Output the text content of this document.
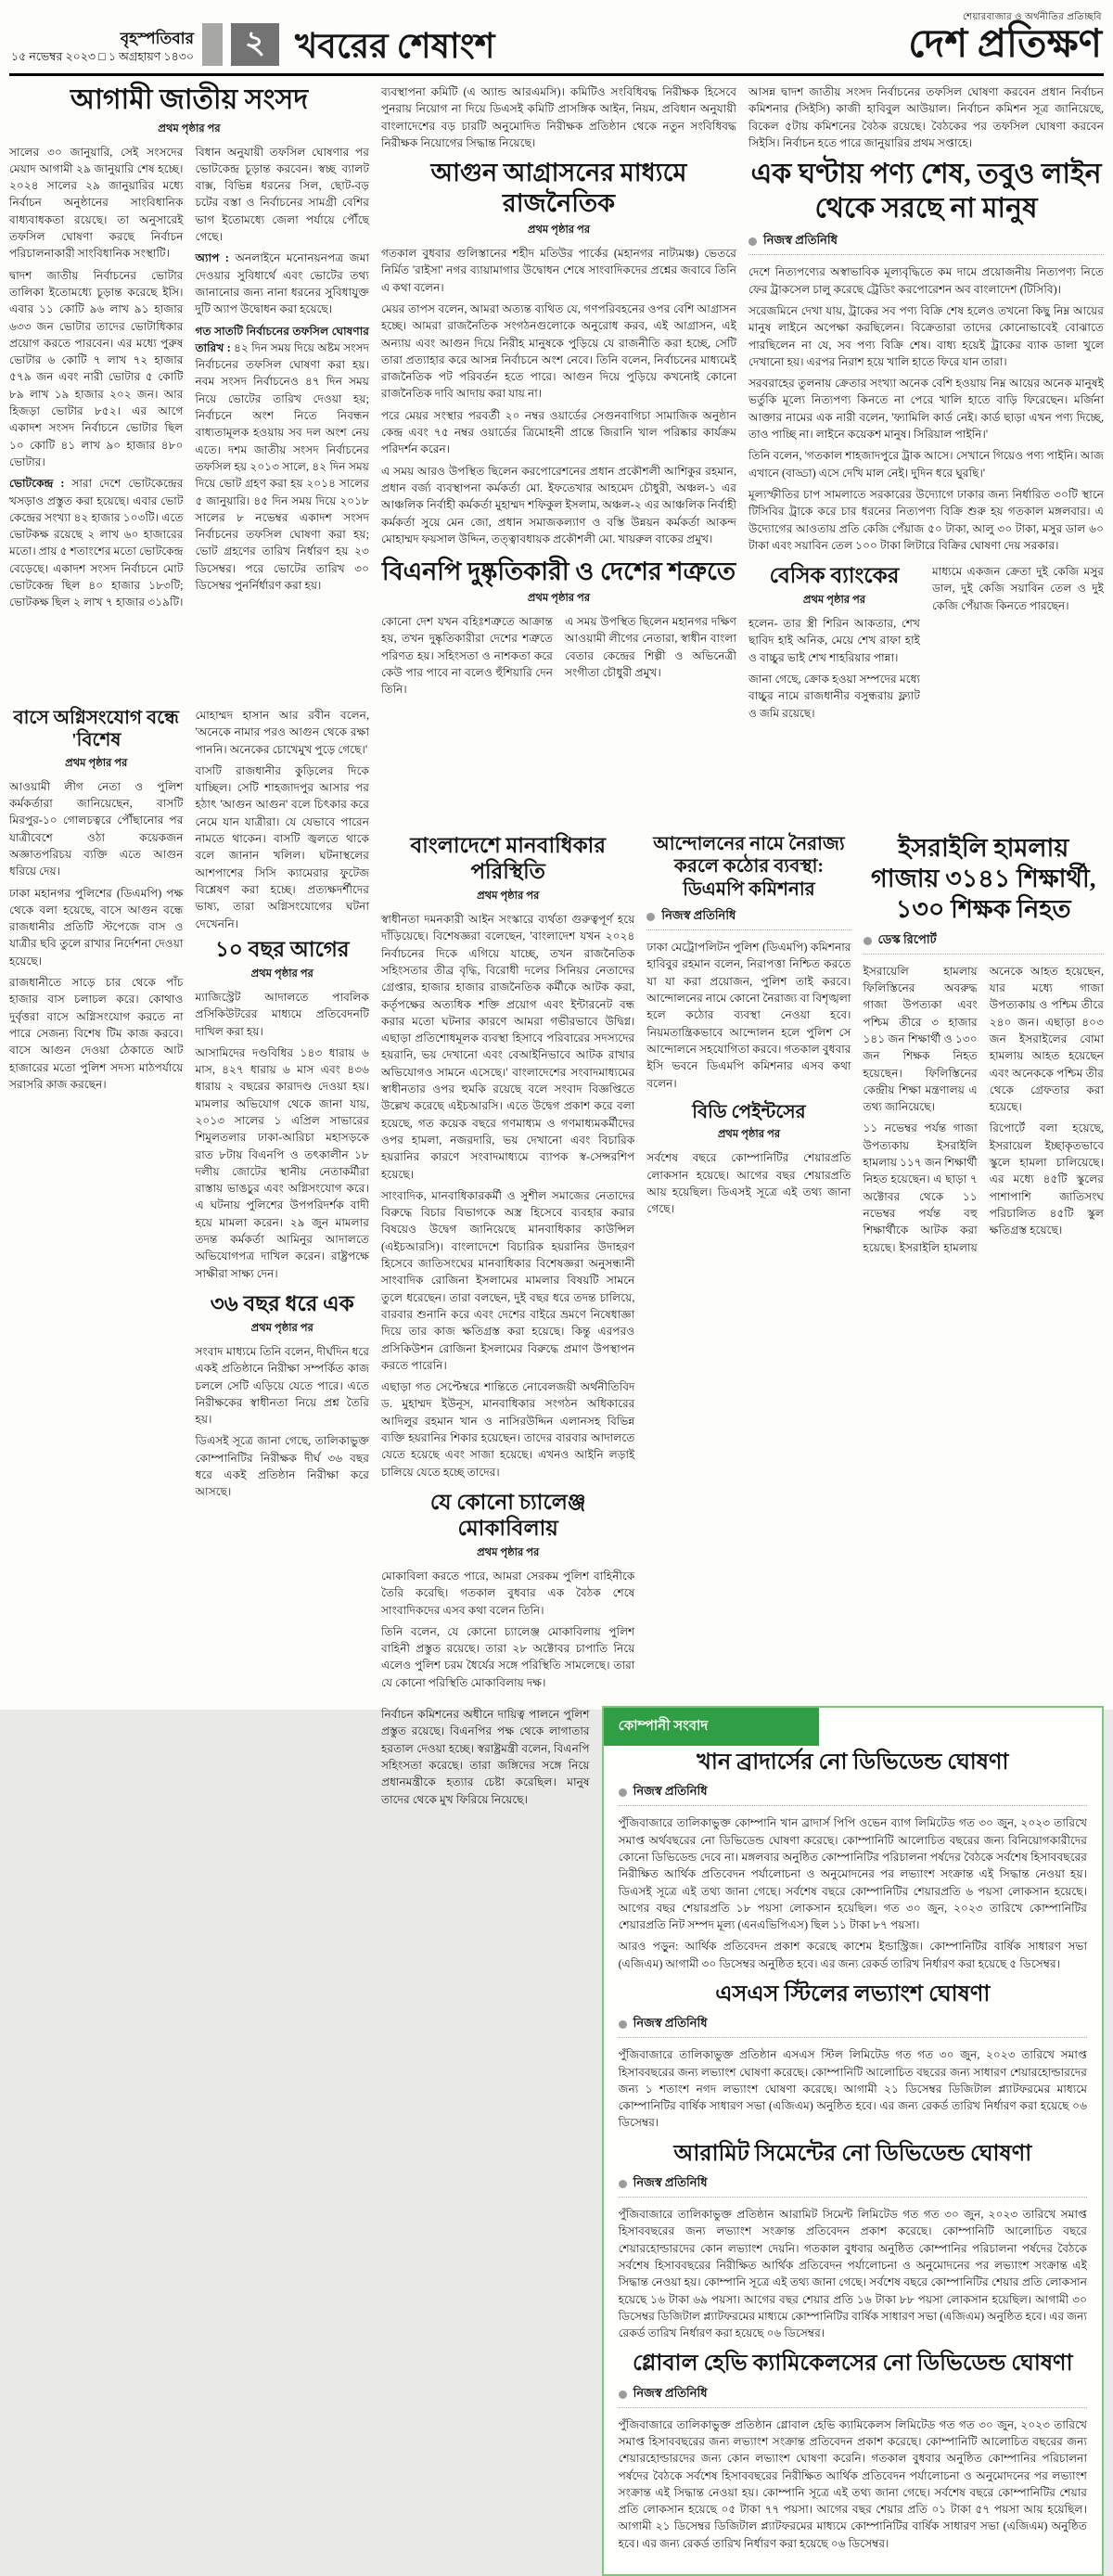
বৃহস্পতিবার
১৫ নভেম্বর ২০২৩ □ ১ অগ্রহায়ণ ১৪৩০	২ খবরের শেষাংশ
শেয়ারবাজার ও অর্থনীতির প্রতিচ্ছবি
দেশ প্রতিক্ষণ
আগামী জাতীয় সংসদ
প্রথম পৃষ্ঠার পর

সালের ৩০ জানুয়ারি, সেই সংসদের মেয়াদ আগামী ২৯ জানুয়ারি শেষ হচ্ছে। ২০২৪ সালের ২৯ জানুয়ারির মধ্যে নির্বাচন অনুষ্ঠানের সাংবিধানিক বাধ্যবাধকতা রয়েছে। তা অনুসারেই তফসিল ঘোষণা করছে নির্বাচন পরিচালনাকারী সাংবিধানিক সংস্থাটি।

দ্বাদশ জাতীয় নির্বাচনের ভোটার তালিকা ইতোমধ্যে চূড়ান্ত করেছে ইসি। এবার ১১ কোটি ৯৬ লাখ ৯১ হাজার ৬৩৩ জন ভোটার তাদের ভোটাধিকার প্রয়োগ করতে পারবেন। এর মধ্যে পুরুষ ভোটার ৬ কোটি ৭ লাখ ৭২ হাজার ৫৭৯ জন এবং নারী ভোটার ৫ কোটি ৮৯ লাখ ১৯ হাজার ২০২ জন। আর হিজড়া ভোটার ৮৫২। এর আগে একাদশ সংসদ নির্বাচনে ভোটার ছিল ১০ কোটি ৪১ লাখ ৯০ হাজার ৪৮০ ভোটার।

ভোটকেন্দ্র : সারা দেশে ভোটকেন্দ্রের খসড়াও প্রস্তুত করা হয়েছে। এবার ভোট কেন্দ্রের সংখ্যা ৪২ হাজার ১০৩টি। এতে ভোটকক্ষ রয়েছে ২ লাখ ৬০ হাজারের মতো। প্রায় ৫ শতাংশের মতো ভোটকেন্দ্র বেড়েছে। একাদশ সংসদ নির্বাচনে মোট ভোটকেন্দ্র ছিল ৪০ হাজার ১৮৩টি; ভোটকক্ষ ছিল ২ লাখ ৭ হাজার ৩১৯টি। বিধান অনুযায়ী তফসিল ঘোষণার পর ভোটকেন্দ্র চূড়ান্ত করবেন। স্বচ্ছ ব্যালট বাক্স, বিভিন্ন ধরনের সিল, ছোট-বড় চটের বস্তা ও নির্বাচনের সামগ্রী বেশির ভাগ ইতোমধ্যে জেলা পর্যায়ে পৌঁছে গেছে।

অ্যাপ : অনলাইনে মনোনয়নপত্র জমা দেওয়ার সুবিধার্থে এবং ভোটের তথ্য জানানোর জন্য নানা ধরনের সুবিধাযুক্ত দুটি অ্যাপ উদ্বোধন করা হয়েছে।

গত সাতটি নির্বাচনের তফসিল ঘোষণার তারিখ : ৪২ দিন সময় দিয়ে অষ্টম সংসদ নির্বাচনের তফসিল ঘোষণা করা হয়। নবম সংসদ নির্বাচনেও ৪৭ দিন সময় নিয়ে ভোটের তারিখ দেওয়া হয়; নির্বাচনে অংশ নিতে নিবন্ধন বাধ্যতামূলক হওয়ায় সব দল অংশ নেয় এতে। দশম জাতীয় সংসদ নির্বাচনের তফসিল হয় ২০১৩ সালে, ৪২ দিন সময় দিয়ে ভোট গ্রহণ করা হয় ২০১৪ সালের ৫ জানুয়ারি। ৪৫ দিন সময় দিয়ে ২০১৮ সালের ৮ নভেম্বর একাদশ সংসদ নির্বাচনের তফসিল ঘোষণা করা হয়; ভোট গ্রহণের তারিখ নির্ধারণ হয় ২৩ ডিসেম্বর। পরে ভোটের তারিখ ৩০ ডিসেম্বর পুনর্নির্ধারণ করা হয়।

বাসে অগ্নিসংযোগ বন্ধে 'বিশেষ
প্রথম পৃষ্ঠার পর

আওয়ামী লীগ নেতা ও পুলিশ কর্মকর্তারা জানিয়েছেন, বাসটি মিরপুর-১০ গোলচত্বরে পৌঁছানোর পর যাত্রীবেশে ওঠা কয়েকজন অজ্ঞাতপরিচয় ব্যক্তি এতে আগুন ধরিয়ে দেয়।

ঢাকা মহানগর পুলিশের (ডিএমপি) পক্ষ থেকে বলা হয়েছে, বাসে আগুন বন্ধে রাজধানীর প্রতিটি স্টপেজে বাস ও যাত্রীর ছবি তুলে রাখার নির্দেশনা দেওয়া হয়েছে।

রাজধানীতে সাড়ে চার থেকে পাঁচ হাজার বাস চলাচল করে। কোথাও দুর্বৃত্তরা বাসে অগ্নিসংযোগ করতে না পারে সেজন্য বিশেষ টিম কাজ করবে। বাসে আগুন দেওয়া ঠেকাতে আট হাজারের মতো পুলিশ সদস্য মাঠপর্যায়ে সরাসরি কাজ করছেন।

মোহাম্মদ হাসান আর রবীন বলেন, 'অনেকে নামার পরও আগুন থেকে রক্ষা পাননি। অনেকের চোখেমুখ পুড়ে গেছে।'

বাসটি রাজধানীর কুড়িলের দিকে যাচ্ছিল। সেটি শাহজাদপুর আসার পর হঠাৎ 'আগুন আগুন' বলে চিৎকার করে নেমে যান যাত্রীরা। যে যেভাবে পারেন নামতে থাকেন। বাসটি জ্বলতে থাকে বলে জানান খলিল। ঘটনাস্থলের আশপাশের সিসি ক্যামেরার ফুটেজ বিশ্লেষণ করা হচ্ছে। প্রত্যক্ষদর্শীদের ভাষ্য, তারা অগ্নিসংযোগের ঘটনা দেখেননি।

১০ বছর আগের
প্রথম পৃষ্ঠার পর

ম্যাজিস্ট্রেট আদালতে পাবলিক প্রসিকিউটরের মাধ্যমে প্রতিবেদনটি দাখিল করা হয়।

আসামিদের দণ্ডবিধির ১৪৩ ধারায় ৬ মাস, ৪২৭ ধারায় ৬ মাস এবং ৪৩৬ ধারায় ২ বছরের কারাদণ্ড দেওয়া হয়। মামলার অভিযোগ থেকে জানা যায়, ২০১৩ সালের ১ এপ্রিল সাভারের শিমুলতলার ঢাকা-আরিচা মহাসড়কে রাত ৮টায় বিএনপি ও তৎকালীন ১৮ দলীয় জোটের স্থানীয় নেতাকর্মীরা রাস্তায় ভাঙচুর এবং অগ্নিসংযোগ করে। এ ঘটনায় পুলিশের উপপরিদর্শক বাদী হয়ে মামলা করেন। ২৯ জুন মামলার তদন্ত কর্মকর্তা আমিনুর আদালতে অভিযোগপত্র দাখিল করেন। রাষ্ট্রপক্ষে সাক্ষীরা সাক্ষ্য দেন।

৩৬ বছর ধরে এক
প্রথম পৃষ্ঠার পর

সংবাদ মাধ্যমে তিনি বলেন, দীর্ঘদিন ধরে একই প্রতিষ্ঠানে নিরীক্ষা সম্পর্কিত কাজ চললে সেটি এড়িয়ে যেতে পারে। এতে নিরীক্ষকের স্বাধীনতা নিয়ে প্রশ্ন তৈরি হয়।

ডিএসই সূত্রে জানা গেছে, তালিকাভুক্ত কোম্পানিটির নিরীক্ষক দীর্ঘ ৩৬ বছর ধরে একই প্রতিষ্ঠান নিরীক্ষা করে আসছে।

ব্যবস্থাপনা কমিটি (এ অ্যান্ড আরএমসি)। কমিটিও সংবিধিবদ্ধ নিরীক্ষক হিসেবে পুনরায় নিয়োগ না দিয়ে ডিএসই কমিটি প্রাসঙ্গিক আইন, নিয়ম, প্রবিধান অনুযায়ী বাংলাদেশের বড় চারটি অনুমোদিত নিরীক্ষক প্রতিষ্ঠান থেকে নতুন সংবিধিবদ্ধ নিরীক্ষক নিয়োগের সিদ্ধান্ত নিয়েছে।

আগুন আগ্রাসনের মাধ্যমে রাজনৈতিক
প্রথম পৃষ্ঠার পর

গতকাল বুধবার গুলিস্তানের শহীদ মতিউর পার্কের (মহানগর নাট্যমঞ্চ) ভেতরে নির্মিত 'রাইসা' নগর ব্যায়ামাগার উদ্বোধন শেষে সাংবাদিকদের প্রশ্নের জবাবে তিনি এ কথা বলেন।

মেয়র তাপস বলেন, আমরা অত্যন্ত ব্যথিত যে, গণপরিবহনের ওপর বেশি আগ্রাসন হচ্ছে। আমরা রাজনৈতিক সংগঠনগুলোকে অনুরোধ করব, এই আগ্রাসন, এই অন্যায় এবং আগুন দিয়ে নিরীহ মানুষকে পুড়িয়ে যে রাজনীতি করা হচ্ছে, সেটি তারা প্রত্যাহার করে আসন্ন নির্বাচনে অংশ নেবে। তিনি বলেন, নির্বাচনের মাধ্যমেই রাজনৈতিক পট পরিবর্তন হতে পারে। আগুন দিয়ে পুড়িয়ে কখনোই কোনো রাজনৈতিক দাবি আদায় করা যায় না।

পরে মেয়র সংস্থার পরবর্তী ২০ নম্বর ওয়ার্ডের সেগুনবাগিচা সামাজিক অনুষ্ঠান কেন্দ্র এবং ৭৫ নম্বর ওয়ার্ডের ত্রিমোহনী প্রান্তে জিরানি খাল পরিষ্কার কার্যক্রম পরিদর্শন করেন।

এ সময় আরও উপস্থিত ছিলেন করপোরেশনের প্রধান প্রকৌশলী আশিকুর রহমান, প্রধান বর্জ্য ব্যবস্থাপনা কর্মকর্তা মো. ইফতেখার আহমেদ চৌধুরী, অঞ্চল-১ এর আঞ্চলিক নির্বাহী কর্মকর্তা মুহাম্মদ শফিকুল ইসলাম, অঞ্চল-২ এর আঞ্চলিক নির্বাহী কর্মকর্তা সুয়ে মেন জো, প্রধান সমাজকল্যাণ ও বস্তি উন্নয়ন কর্মকর্তা আকন্দ মোহাম্মদ ফয়সাল উদ্দিন, তত্ত্বাবধায়ক প্রকৌশলী মো. খায়রুল বাকের প্রমুখ।

বিএনপি দুষ্কৃতিকারী ও দেশের শত্রুতে
প্রথম পৃষ্ঠার পর

কোনো দেশ যখন বহিঃশত্রুতে আক্রান্ত হয়, তখন দুষ্কৃতিকারীরা দেশের শত্রুতে পরিণত হয়। সহিংসতা ও নাশকতা করে কেউ পার পাবে না বলেও হুঁশিয়ারি দেন তিনি।

এ সময় উপস্থিত ছিলেন মহানগর দক্ষিণ আওয়ামী লীগের নেতারা, স্বাধীন বাংলা বেতার কেন্দ্রের শিল্পী ও অভিনেত্রী সংগীতা চৌধুরী প্রমুখ।

আসন্ন দ্বাদশ জাতীয় সংসদ নির্বাচনের তফসিল ঘোষণা করবেন প্রধান নির্বাচন কমিশনার (সিইসি) কাজী হাবিবুল আউয়াল। নির্বাচন কমিশন সূত্র জানিয়েছে, বিকেল ৫টায় কমিশনের বৈঠক রয়েছে। বৈঠকের পর তফসিল ঘোষণা করবেন সিইসি। নির্বাচন হতে পারে জানুয়ারির প্রথম সপ্তাহে।

এক ঘণ্টায় পণ্য শেষ, তবুও লাইন থেকে সরছে না মানুষ
নিজস্ব প্রতিনিধি

দেশে নিত্যপণ্যের অস্বাভাবিক মূল্যবৃদ্ধিতে কম দামে প্রয়োজনীয় নিত্যপণ্য নিতে ফের ট্রাকসেল চালু করেছে ট্রেডিং করপোরেশন অব বাংলাদেশ (টিসিবি)।

সরেজমিনে দেখা যায়, ট্রাকের সব পণ্য বিক্রি শেষ হলেও তখনো কিছু নিম্ন আয়ের মানুষ লাইনে অপেক্ষা করছিলেন। বিক্রেতারা তাদের কোনোভাবেই বোঝাতে পারছিলেন না যে, সব পণ্য বিক্রি শেষ। বাধ্য হয়েই ট্রাকের ব্যাক ডালা খুলে দেখানো হয়। এরপর নিরাশ হয়ে খালি হাতে ফিরে যান তারা।

সরবরাহের তুলনায় ক্রেতার সংখ্যা অনেক বেশি হওয়ায় নিম্ন আয়ের অনেক মানুষই ভর্তুকি মূল্যে নিত্যপণ্য কিনতে না পেরে খালি হাতে বাড়ি ফিরেছেন। মর্জিনা আক্তার নামের এক নারী বলেন, 'ফ্যামিলি কার্ড নেই। কার্ড ছাড়া এখন পণ্য দিচ্ছে, তাও পাচ্ছি না। লাইনে কয়েকশ মানুষ। সিরিয়াল পাইনি।'

তিনি বলেন, 'গতকাল শাহজাদপুরে ট্রাক আসে। সেখানে গিয়েও পণ্য পাইনি। আজ এখানে (বাড্ডা) এসে দেখি মাল নেই। দুদিন ধরে ঘুরছি।'

মূল্যস্ফীতির চাপ সামলাতে সরকারের উদ্যোগে ঢাকার জন্য নির্ধারিত ৩০টি স্থানে টিসিবির ট্রাকে করে চার ধরনের নিত্যপণ্য বিক্রি শুরু হয় গতকাল মঙ্গলবার। এ উদ্যোগের আওতায় প্রতি কেজি পেঁয়াজ ৫০ টাকা, আলু ৩০ টাকা, মসুর ডাল ৬০ টাকা এবং সয়াবিন তেল ১০০ টাকা লিটারে বিক্রির ঘোষণা দেয় সরকার।

বেসিক ব্যাংকের
প্রথম পৃষ্ঠার পর

হলেন- তার স্ত্রী শিরিন আকতার, শেখ ছাবিদ হাই অনিক, মেয়ে শেখ রাফা হাই ও বাচ্চুর ভাই শেখ শাহরিয়ার পান্না।

জানা গেছে, ক্রোক হওয়া সম্পদের মধ্যে বাচ্চুর নামে রাজধানীর বসুন্ধরায় ফ্ল্যাট ও জমি রয়েছে।

মাধ্যমে একজন ক্রেতা দুই কেজি মসুর ডাল, দুই কেজি সয়াবিন তেল ও দুই কেজি পেঁয়াজ কিনতে পারছেন।

বাংলাদেশে মানবাধিকার পরিস্থিতি
প্রথম পৃষ্ঠার পর

স্বাধীনতা দমনকারী আইন সংস্কারে ব্যর্থতা গুরুত্বপূর্ণ হয়ে দাঁড়িয়েছে। বিশেষজ্ঞরা বলেছেন, 'বাংলাদেশ যখন ২০২৪ নির্বাচনের দিকে এগিয়ে যাচ্ছে, তখন রাজনৈতিক সহিংসতার তীব্র বৃদ্ধি, বিরোধী দলের সিনিয়র নেতাদের গ্রেপ্তার, হাজার হাজার রাজনৈতিক কর্মীকে আটক করা, কর্তৃপক্ষের অত্যধিক শক্তি প্রয়োগ এবং ইন্টারনেট বন্ধ করার মতো ঘটনার কারণে আমরা গভীরভাবে উদ্বিগ্ন। এছাড়া প্রতিশোধমূলক ব্যবস্থা হিসাবে পরিবারের সদস্যদের হয়রানি, ভয় দেখানো এবং বেআইনিভাবে আটক রাখার অভিযোগও সামনে এসেছে।' বাংলাদেশের সংবাদমাধ্যমের স্বাধীনতার ওপর হুমকি রয়েছে বলে সংবাদ বিজ্ঞপ্তিতে উল্লেখ করেছে এইচআরসি। এতে উদ্বেগ প্রকাশ করে বলা হয়েছে, গত কয়েক বছরে গণমাধ্যম ও গণমাধ্যমকর্মীদের ওপর হামলা, নজরদারি, ভয় দেখানো এবং বিচারিক হয়রানির কারণে সংবাদমাধ্যমে ব্যাপক স্ব-সেন্সরশিপ হয়েছে।

সাংবাদিক, মানবাধিকারকর্মী ও সুশীল সমাজের নেতাদের বিরুদ্ধে বিচার বিভাগকে অস্ত্র হিসেবে ব্যবহার করার বিষয়েও উদ্বেগ জানিয়েছে মানবাধিকার কাউন্সিল (এইচআরসি)। বাংলাদেশে বিচারিক হয়রানির উদাহরণ হিসেবে জাতিসংঘের মানবাধিকার বিশেষজ্ঞরা অনুসন্ধানী সাংবাদিক রোজিনা ইসলামের মামলার বিষয়টি সামনে তুলে ধরেছেন। তারা বলছেন, দুই বছর ধরে তদন্ত চালিয়ে, বারবার শুনানি করে এবং দেশের বাইরে ভ্রমণে নিষেধাজ্ঞা দিয়ে তার কাজ ক্ষতিগ্রস্ত করা হয়েছে। কিন্তু এরপরও প্রসিকিউশন রোজিনা ইসলামের বিরুদ্ধে প্রমাণ উপস্থাপন করতে পারেনি।

এছাড়া গত সেপ্টেম্বরে শান্তিতে নোবেলজয়ী অর্থনীতিবিদ ড. মুহাম্মদ ইউনূস, মানবাধিকার সংগঠন অধিকারের আদিলুর রহমান খান ও নাসিরউদ্দিন এলানসহ বিভিন্ন ব্যক্তি হয়রানির শিকার হয়েছেন। তাদের বারবার আদালতে যেতে হয়েছে এবং সাজা হয়েছে। এখনও আইনি লড়াই চালিয়ে যেতে হচ্ছে তাদের।

যে কোনো চ্যালেঞ্জ মোকাবিলায়
প্রথম পৃষ্ঠার পর

মোকাবিলা করতে পারে, আমরা সেরকম পুলিশ বাহিনীকে তৈরি করেছি। গতকাল বুধবার এক বৈঠক শেষে সাংবাদিকদের এসব কথা বলেন তিনি।

তিনি বলেন, যে কোনো চ্যালেঞ্জ মোকাবিলায় পুলিশ বাহিনী প্রস্তুত রয়েছে। তারা ২৮ অক্টোবর চাপাতি নিয়ে এলেও পুলিশ চরম ধৈর্যের সঙ্গে পরিস্থিতি সামলেছে। তারা যে কোনো পরিস্থিতি মোকাবিলায় দক্ষ।

আন্দোলনের নামে নৈরাজ্য করলে কঠোর ব্যবস্থা: ডিএমপি কমিশনার
নিজস্ব প্রতিনিধি

ঢাকা মেট্রোপলিটন পুলিশ (ডিএমপি) কমিশনার হাবিবুর রহমান বলেন, নিরাপত্তা নিশ্চিত করতে যা যা করা প্রয়োজন, পুলিশ তাই করবে। আন্দোলনের নামে কোনো নৈরাজ্য বা বিশৃঙ্খলা হলে কঠোর ব্যবস্থা নেওয়া হবে। নিয়মতান্ত্রিকভাবে আন্দোলন হলে পুলিশ সে আন্দোলনে সহযোগিতা করবে। গতকাল বুধবার ইসি ভবনে ডিএমপি কমিশনার এসব কথা বলেন।

বিডি পেইন্টসের
প্রথম পৃষ্ঠার পর

সর্বশেষ বছরে কোম্পানিটির শেয়ারপ্রতি লোকসান হয়েছে। আগের বছর শেয়ারপ্রতি আয় হয়েছিল। ডিএসই সূত্রে এই তথ্য জানা গেছে।

ইসরাইলি হামলায় গাজায় ৩১৪১ শিক্ষার্থী, ১৩০ শিক্ষক নিহত
ডেস্ক রিপোর্ট

ইসরায়েলি হামলায় ফিলিস্তিনের অবরুদ্ধ গাজা উপত্যকা এবং পশ্চিম তীরে ৩ হাজার ১৪১ জন শিক্ষার্থী ও ১৩০ জন শিক্ষক নিহত হয়েছেন। ফিলিস্তিনের কেন্দ্রীয় শিক্ষা মন্ত্রণালয় এ তথ্য জানিয়েছে।

১১ নভেম্বর পর্যন্ত গাজা উপত্যকায় ইসরাইলি হামলায় ১১৭ জন শিক্ষার্থী নিহত হয়েছেন। এ ছাড়া ৭ অক্টোবর থেকে ১১ নভেম্বর পর্যন্ত বহু শিক্ষার্থীকে আটক করা হয়েছে। ইসরাইলি হামলায় অনেকে আহত হয়েছেন, যার মধ্যে গাজা উপত্যকায় ও পশ্চিম তীরে ২৪০ জন। এছাড়া ৪০৩ জন ইসরাইলের বোমা হামলায় আহত হয়েছেন এবং অনেককে পশ্চিম তীর থেকে গ্রেফতার করা হয়েছে।

রিপোর্টে বলা হয়েছে, ইসরায়েল ইচ্ছাকৃতভাবে স্কুলে হামলা চালিয়েছে। এর মধ্যে ৪৫টি স্কুলের পাশাপাশি জাতিসংঘ পরিচালিত ৪৫টি স্কুল ক্ষতিগ্রস্ত হয়েছে।

নির্বাচন কমিশনের অধীনে দায়িত্ব পালনে পুলিশ প্রস্তুত রয়েছে। বিএনপির পক্ষ থেকে লাগাতার হরতাল দেওয়া হচ্ছে। স্বরাষ্ট্রমন্ত্রী বলেন, বিএনপি সহিংসতা করেছে। তারা জঙ্গিদের সঙ্গে নিয়ে প্রধানমন্ত্রীকে হত্যার চেষ্টা করেছিল। মানুষ তাদের থেকে মুখ ফিরিয়ে নিয়েছে।

কোম্পানী সংবাদ
খান ব্রাদার্সের নো ডিভিডেন্ড ঘোষণা
নিজস্ব প্রতিনিধি

পুঁজিবাজারে তালিকাভুক্ত কোম্পানি খান ব্রাদার্স পিপি ওভেন ব্যাগ লিমিটেড গত ৩০ জুন, ২০২৩ তারিখে সমাপ্ত অর্থবছরের নো ডিভিডেন্ড ঘোষণা করেছে। কোম্পানিটি আলোচিত বছরের জন্য বিনিয়োগকারীদের কোনো ডিভিডেন্ড দেবে না। মঙ্গলবার অনুষ্ঠিত কোম্পানিটির পরিচালনা পর্ষদের বৈঠকে সর্বশেষ হিসাববছরের নিরীক্ষিত আর্থিক প্রতিবেদন পর্যালোচনা ও অনুমোদনের পর লভ্যাংশ সংক্রান্ত এই সিদ্ধান্ত নেওয়া হয়। ডিএসই সূত্রে এই তথ্য জানা গেছে। সর্বশেষ বছরে কোম্পানিটির শেয়ারপ্রতি ৬ পয়সা লোকসান হয়েছে। আগের বছর শেয়ারপ্রতি ১৮ পয়সা লোকসান হয়েছিল। গত ৩০ জুন, ২০২৩ তারিখে কোম্পানিটির শেয়ারপ্রতি নিট সম্পদ মূল্য (এনএভিপিএস) ছিল ১১ টাকা ৮৭ পয়সা।

আরও পড়ুন: আর্থিক প্রতিবেদন প্রকাশ করেছে কাশেম ইন্ডাস্ট্রিজ। কোম্পানিটির বার্ষিক সাধারণ সভা (এজিএম) আগামী ৩০ ডিসেম্বর অনুষ্ঠিত হবে। এর জন্য রেকর্ড তারিখ নির্ধারণ করা হয়েছে ৫ ডিসেম্বর।

এসএস স্টিলের লভ্যাংশ ঘোষণা
নিজস্ব প্রতিনিধি

পুঁজিবাজারে তালিকাভুক্ত প্রতিষ্ঠান এসএস স্টিল লিমিটেড গত গত ৩০ জুন, ২০২৩ তারিখে সমাপ্ত হিসাববছরের জন্য লভ্যাংশ ঘোষণা করেছে। কোম্পানিটি আলোচিত বছরের জন্য সাধারণ শেয়ারহোল্ডারদের জন্য ১ শতাংশ নগদ লভ্যাংশ ঘোষণা করেছে। আগামী ২১ ডিসেম্বর ডিজিটাল প্ল্যাটফরমের মাধ্যমে কোম্পানিটির বার্ষিক সাধারণ সভা (এজিএম) অনুষ্ঠিত হবে। এর জন্য রেকর্ড তারিখ নির্ধারণ করা হয়েছে ০৬ ডিসেম্বর।

আরামিট সিমেন্টের নো ডিভিডেন্ড ঘোষণা
নিজস্ব প্রতিনিধি

পুঁজিবাজারে তালিকাভুক্ত প্রতিষ্ঠান আরামিট সিমেন্ট লিমিটেড গত গত ৩০ জুন, ২০২৩ তারিখে সমাপ্ত হিসাববছরের জন্য লভ্যাংশ সংক্রান্ত প্রতিবেদন প্রকাশ করেছে। কোম্পানিটি আলোচিত বছরে শেয়ারহোল্ডারদের কোন লভ্যাংশ দেয়নি। গতকাল বুধবার অনুষ্ঠিত কোম্পানির পরিচালনা পর্ষদের বৈঠকে সর্বশেষ হিসাববছরের নিরীক্ষিত আর্থিক প্রতিবেদন পর্যালোচনা ও অনুমোদনের পর লভ্যাংশ সংক্রান্ত এই সিদ্ধান্ত নেওয়া হয়। কোম্পানি সূত্রে এই তথ্য জানা গেছে। সর্বশেষ বছরে কোম্পানিটির শেয়ার প্রতি লোকসান হয়েছে ১৬ টাকা ৬৯ পয়সা। আগের বছর শেয়ার প্রতি ১৬ টাকা ৮৮ পয়সা লোকসান হয়েছিল। আগামী ৩০ ডিসেম্বর ডিজিটাল প্ল্যাটফরমের মাধ্যমে কোম্পানিটির বার্ষিক সাধারণ সভা (এজিএম) অনুষ্ঠিত হবে। এর জন্য রেকর্ড তারিখ নির্ধারণ করা হয়েছে ০৬ ডিসেম্বর।

গ্লোবাল হেভি ক্যামিকেলসের নো ডিভিডেন্ড ঘোষণা
নিজস্ব প্রতিনিধি

পুঁজিবাজারে তালিকাভুক্ত প্রতিষ্ঠান গ্লোবাল হেভি ক্যামিকেলস লিমিটেড গত গত ৩০ জুন, ২০২৩ তারিখে সমাপ্ত হিসাববছরের জন্য লভ্যাংশ সংক্রান্ত প্রতিবেদন প্রকাশ করেছে। কোম্পানিটি আলোচিত বছরের জন্য শেয়ারহোল্ডারদের জন্য কোন লভ্যাংশ ঘোষণা করেনি। গতকাল বুধবার অনুষ্ঠিত কোম্পানির পরিচালনা পর্ষদের বৈঠকে সর্বশেষ হিসাববছরের নিরীক্ষিত আর্থিক প্রতিবেদন পর্যালোচনা ও অনুমোদনের পর লভ্যাংশ সংক্রান্ত এই সিদ্ধান্ত নেওয়া হয়। কোম্পানি সূত্রে এই তথ্য জানা গেছে। সর্বশেষ বছরে কোম্পানিটির শেয়ার প্রতি লোকসান হয়েছে ০৫ টাকা ৭৭ পয়সা। আগের বছর শেয়ার প্রতি ০১ টাকা ৫৭ পয়সা আয় হয়েছিল। আগামী ২১ ডিসেম্বর ডিজিটাল প্ল্যাটফরমের মাধ্যমে কোম্পানিটির বার্ষিক সাধারণ সভা (এজিএম) অনুষ্ঠিত হবে। এর জন্য রেকর্ড তারিখ নির্ধারণ করা হয়েছে ০৬ ডিসেম্বর।
